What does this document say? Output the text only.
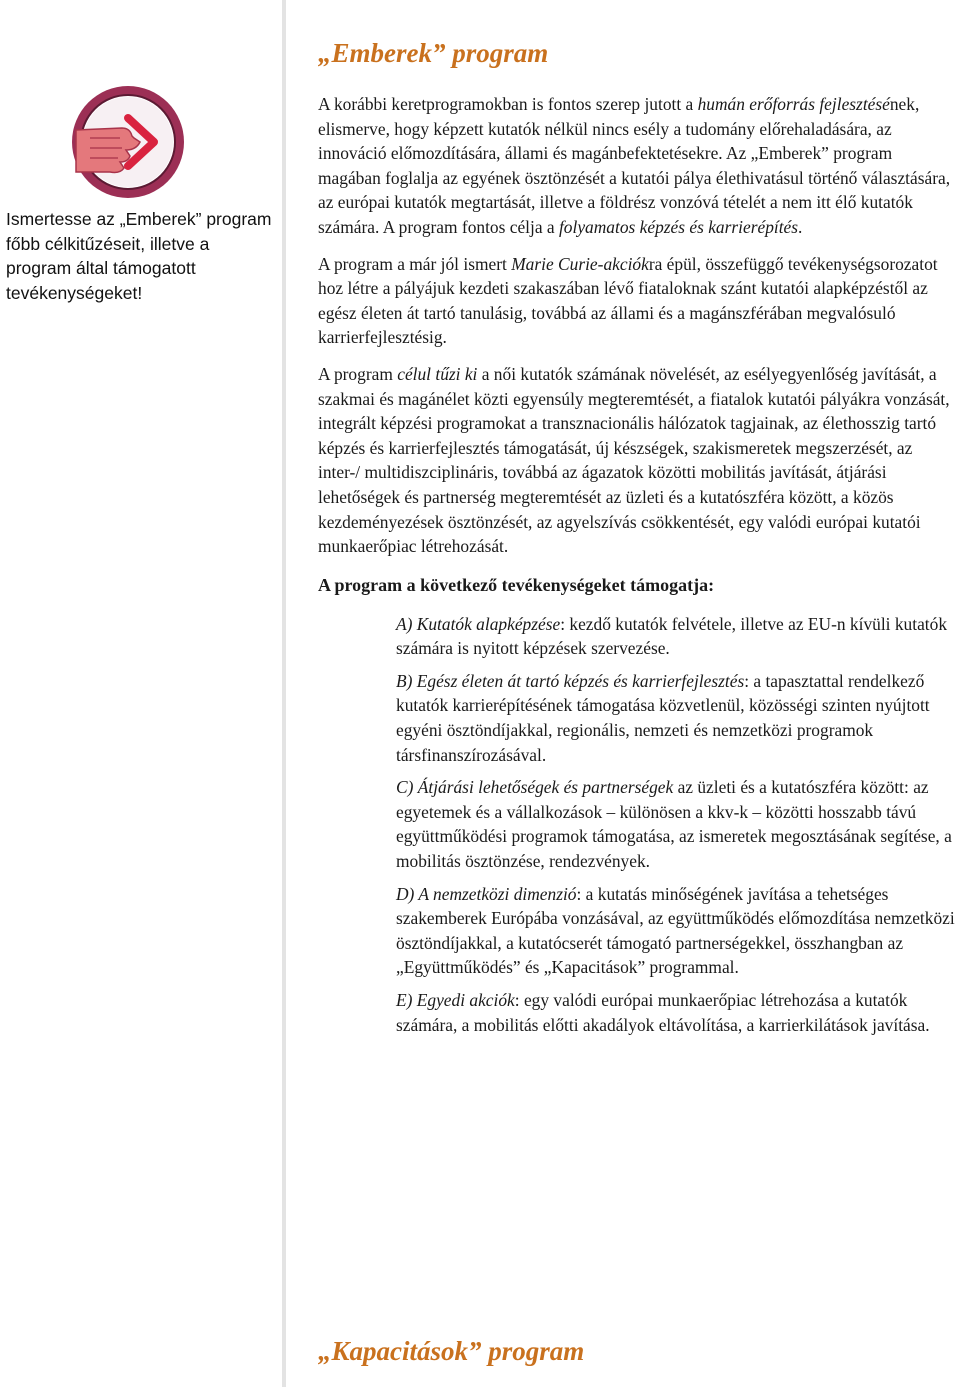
Ismertesse az „Emberek” program főbb célkitűzéseit, illetve a program által támogatott tevékenységeket!

„Emberek” program

A korábbi keretprogramokban is fontos szerep jutott a humán erőforrás fejlesztésének, elismerve, hogy képzett kutatók nélkül nincs esély a tudomány előrehaladására, az innováció előmozdítására, állami és magánbefektetésekre. Az „Emberek” program magában foglalja az egyének ösztönzését a kutatói pálya élethivatásul történő választására, az európai kutatók megtartását, illetve a földrész vonzóvá tételét a nem itt élő kutatók számára. A program fontos célja a folyamatos képzés és karrierépítés.

A program a már jól ismert Marie Curie-akciókra épül, összefüggő tevékenységsorozatot hoz létre a pályájuk kezdeti szakaszában lévő fiataloknak szánt kutatói alapképzéstől az egész életen át tartó tanulásig, továbbá az állami és a magánszférában megvalósuló karrierfejlesztésig.

A program célul tűzi ki a női kutatók számának növelését, az esélyegyenlőség javítását, a szakmai és magánélet közti egyensúly megteremtését, a fiatalok kutatói pályákra vonzását, integrált képzési programokat a transznacionális hálózatok tagjainak, az élethosszig tartó képzés és karrierfejlesztés támogatását, új készségek, szakismeretek megszerzését, az inter-/ multidiszciplináris, továbbá az ágazatok közötti mobilitás javítását, átjárási lehetőségek és partnerség megteremtését az üzleti és a kutatószféra között, a közös kezdeményezések ösztönzését, az agyelszívás csökkentését, egy valódi európai kutatói munkaerőpiac létrehozását.

A program a következő tevékenységeket támogatja:

A) Kutatók alapképzése: kezdő kutatók felvétele, illetve az EU-n kívüli kutatók számára is nyitott képzések szervezése.

B) Egész életen át tartó képzés és karrierfejlesztés: a tapasztattal rendelkező kutatók karrierépítésének támogatása közvetlenül, közösségi szinten nyújtott egyéni ösztöndíjakkal, regionális, nemzeti és nemzetközi programok társfinanszírozásával.

C) Átjárási lehetőségek és partnerségek az üzleti és a kutatószféra között: az egyetemek és a vállalkozások – különösen a kkv-k – közötti hosszabb távú együttműködési programok támogatása, az ismeretek megosztásának segítése, a mobilitás ösztönzése, rendezvények.

D) A nemzetközi dimenzió: a kutatás minőségének javítása a tehetséges szakemberek Európába vonzásával, az együttműködés előmozdítása nemzetközi ösztöndíjakkal, a kutatócserét támogató partnerségekkel, összhangban az „Együttműködés” és „Kapacitások” programmal.

E) Egyedi akciók: egy valódi európai munkaerőpiac létrehozása a kutatók számára, a mobilitás előtti akadályok eltávolítása, a karrierkilátások javítása.

„Kapacitások” program
